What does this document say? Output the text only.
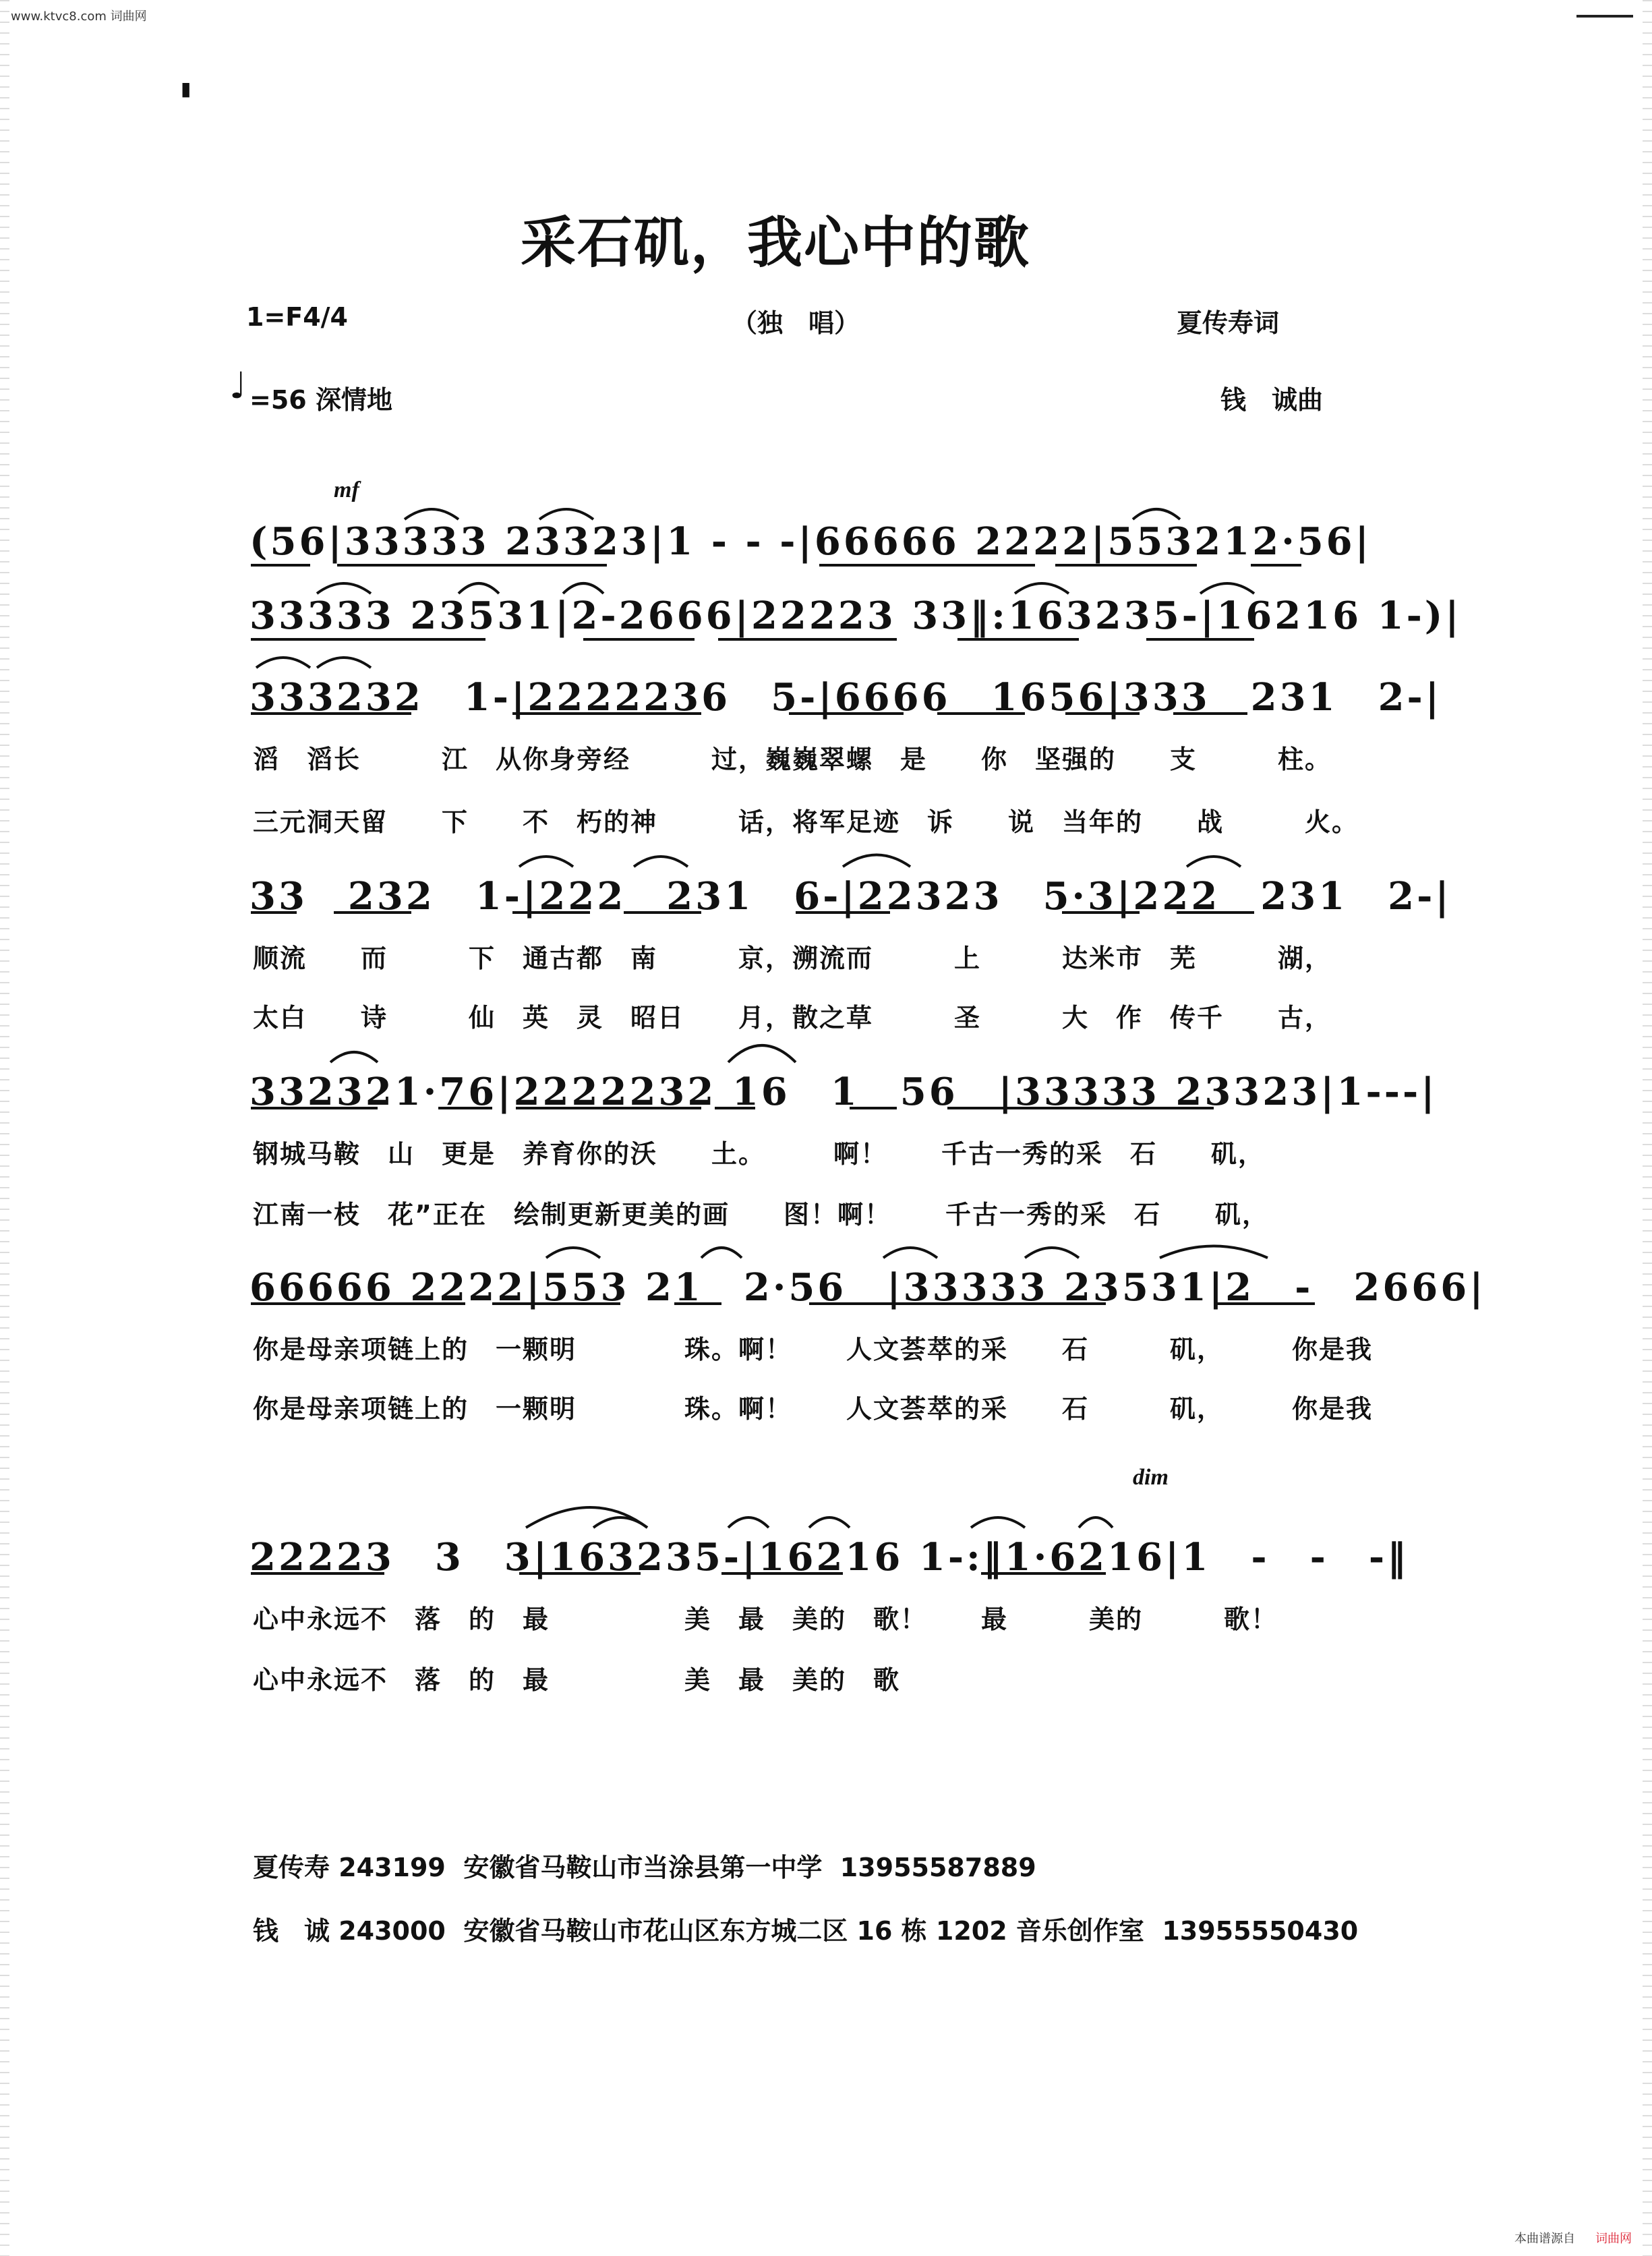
▮
www.ktvc8.com 词曲网
采石矶，我心中的歌
1=F4/4	（独　唱）	夏传寿词
♩ =56 深情地	钱　诚曲
mf
(56|33333 23323|1 - - -|66666 2222|553212·56|
33333 23531|2-2666|22223 33‖:163235-|16216 1-)|
333232　1-|2222236　5-|6666　1656|333　231　2-|
滔　滔长　　　江　从你身旁经　　　过，巍巍翠螺　是　　你　坚强的　　支　　　柱。
三元洞天留　　下　　不　朽的神　　　话，将军足迹　诉　　说　当年的　　战　　　火。
33　232　1-|222　231　6-|22323　5·3|222　231　2-|
顺流　　而　　　下　通古都　南　　　京，溯流而　　　上　　　达米市　芜　　　湖，
太白　　诗　　　仙　英　灵　昭日　　月，散之草　　　圣　　　大　作　传千　　古，
332321·76|2222232 16　1　56　|33333 23323|1---|
钢城马鞍　山　更是　养育你的沃　　土。　　　啊！　　千古一秀的采　石　　矶，
江南一枝　花”正在　绘制更新更美的画　　图！啊！　　千古一秀的采　石　　矶，
66666 2222|553 21　2·56　|33333 23531|2　-　2666|
你是母亲项链上的　一颗明　　　　珠。啊！　　人文荟萃的采　　石　　　矶，　　　你是我
你是母亲项链上的　一颗明　　　　珠。啊！　　人文荟萃的采　　石　　　矶，　　　你是我
dim
22223　3　3|163235-|16216 1-:‖1·6216|1　-　-　-‖
心中永远不　落　的　最　　　　　美　最　美的　歌！　　最　　　美的　　　歌！
心中永远不　落　的　最　　　　　美　最　美的　歌
夏传寿 243199  安徽省马鞍山市当涂县第一中学  13955587889
钱　诚 243000  安徽省马鞍山市花山区东方城二区 16 栋 1202 音乐创作室  13955550430
本曲谱源自 词曲网
